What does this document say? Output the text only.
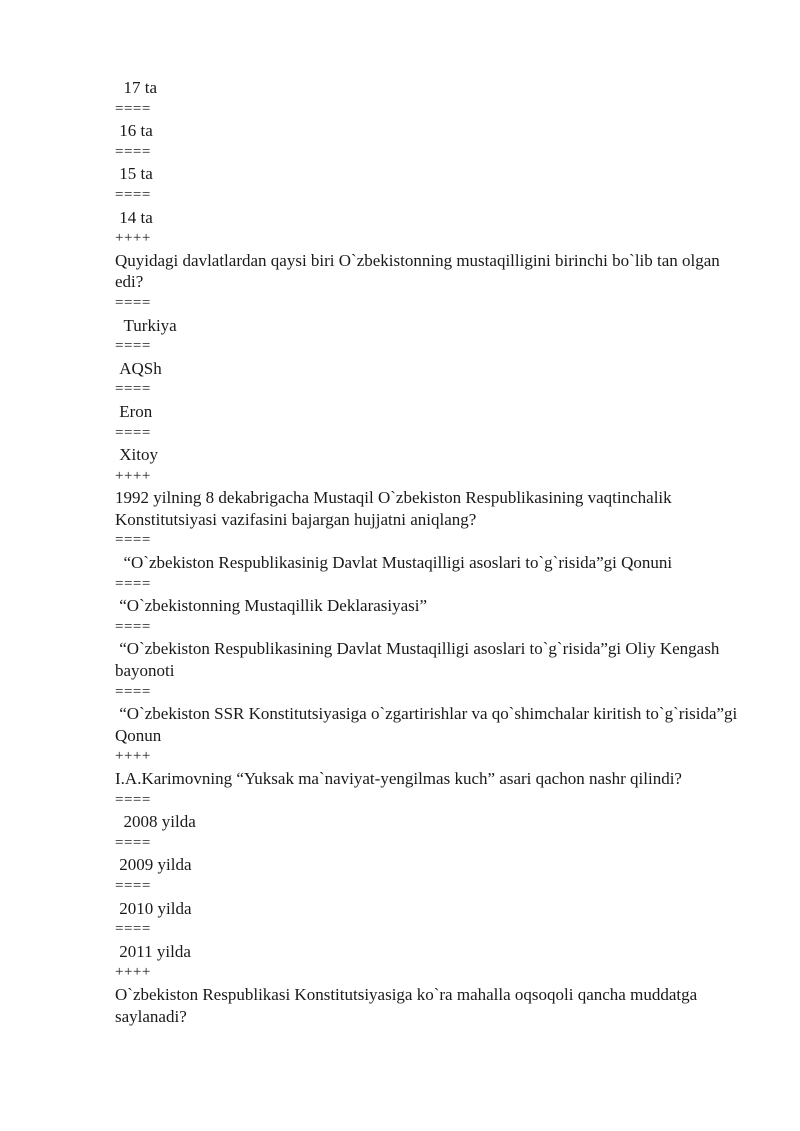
17 ta
====
16 ta
====
15 ta
====
14 ta
++++
Quyidagi davlatlardan qaysi biri O`zbekistonning mustaqilligini birinchi bo`lib tan olgan edi?
====
Turkiya
====
AQSh
====
Eron
====
Xitoy
++++
1992 yilning 8 dekabrigacha Mustaqil O`zbekiston Respublikasining vaqtinchalik Konstitutsiyasi vazifasini bajargan hujjatni aniqlang?
====
“O`zbekiston Respublikasinig Davlat Mustaqilligi asoslari to`g`risida”gi Qonuni
====
“O`zbekistonning Mustaqillik Deklarasiyasi”
====
“O`zbekiston Respublikasining Davlat Mustaqilligi asoslari to`g`risida”gi Oliy Kengash bayonoti
====
“O`zbekiston SSR Konstitutsiyasiga o`zgartirishlar va qo`shimchalar kiritish to`g`risida”gi Qonun
++++
I.A.Karimovning “Yuksak ma`naviyat-yengilmas kuch” asari qachon nashr qilindi?
====
2008 yilda
====
2009 yilda
====
2010 yilda
====
2011 yilda
++++
O`zbekiston Respublikasi Konstitutsiyasiga ko`ra mahalla oqsoqoli qancha muddatga saylanadi?
